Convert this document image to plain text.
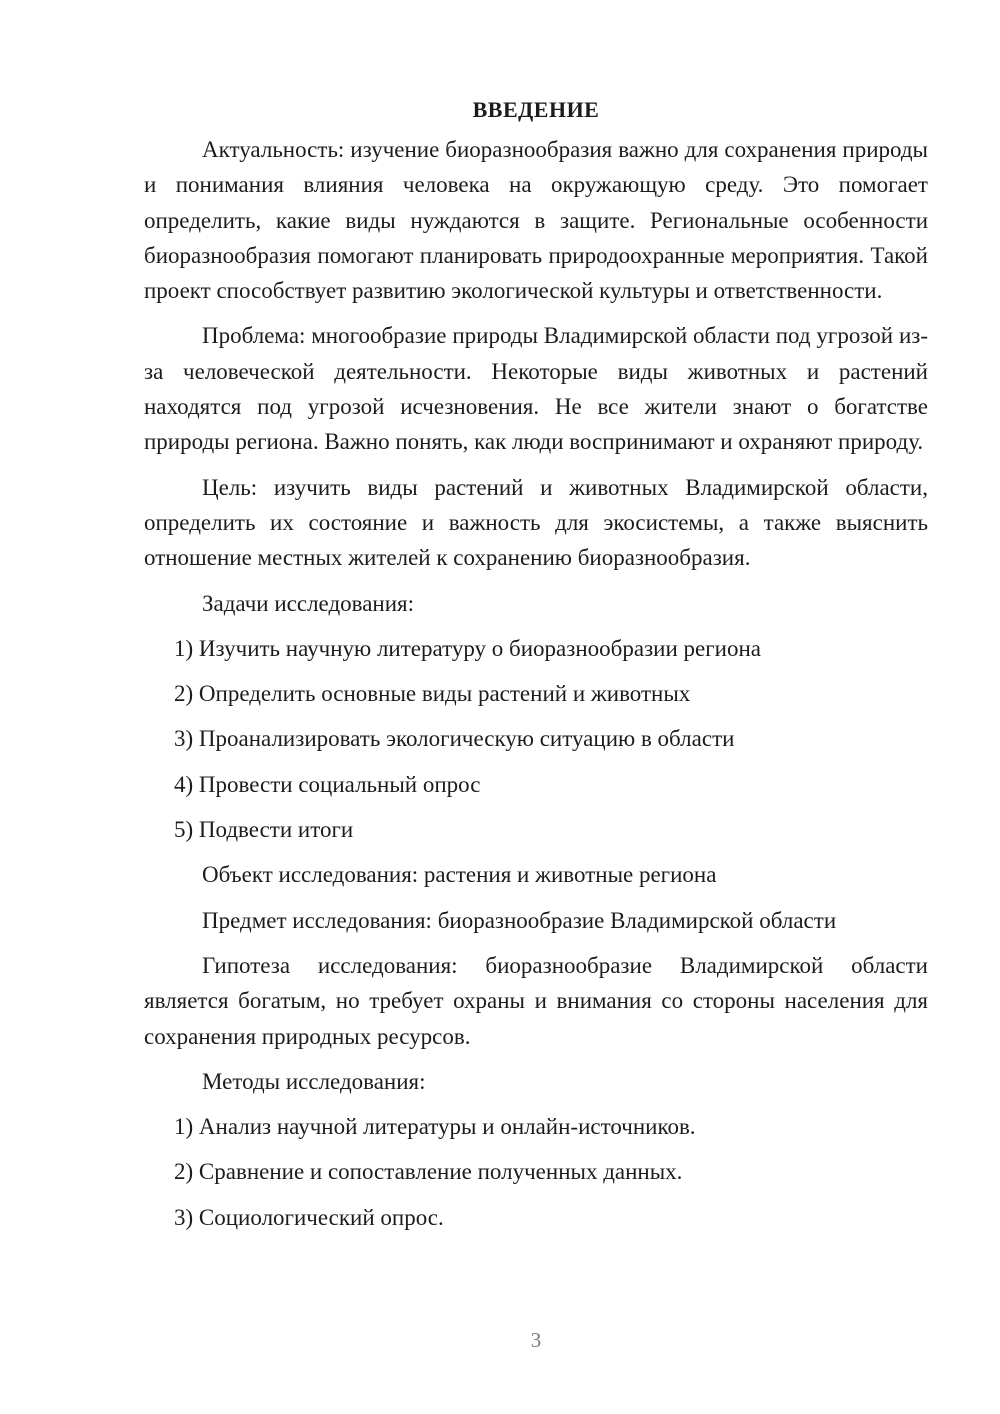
ВВЕДЕНИЕ

Актуальность: изучение биоразнообразия важно для сохранения природы и понимания влияния человека на окружающую среду. Это помогает определить, какие виды нуждаются в защите. Региональные особенности биоразнообразия помогают планировать природоохранные мероприятия. Такой проект способствует развитию экологической культуры и ответственности.

Проблема: многообразие природы Владимирской области под угрозой из-за человеческой деятельности. Некоторые виды животных и растений находятся под угрозой исчезновения. Не все жители знают о богатстве природы региона. Важно понять, как люди воспринимают и охраняют природу.

Цель: изучить виды растений и животных Владимирской области, определить их состояние и важность для экосистемы, а также выяснить отношение местных жителей к сохранению биоразнообразия.

Задачи исследования:

1) Изучить научную литературу о биоразнообразии региона

2) Определить основные виды растений и животных

3) Проанализировать экологическую ситуацию в области

4) Провести социальный опрос

5) Подвести итоги

Объект исследования: растения и животные региона

Предмет исследования: биоразнообразие Владимирской области

Гипотеза исследования: биоразнообразие Владимирской области является богатым, но требует охраны и внимания со стороны населения для сохранения природных ресурсов.

Методы исследования:

1) Анализ научной литературы и онлайн-источников.

2) Сравнение и сопоставление полученных данных.

3) Социологический опрос.

3
